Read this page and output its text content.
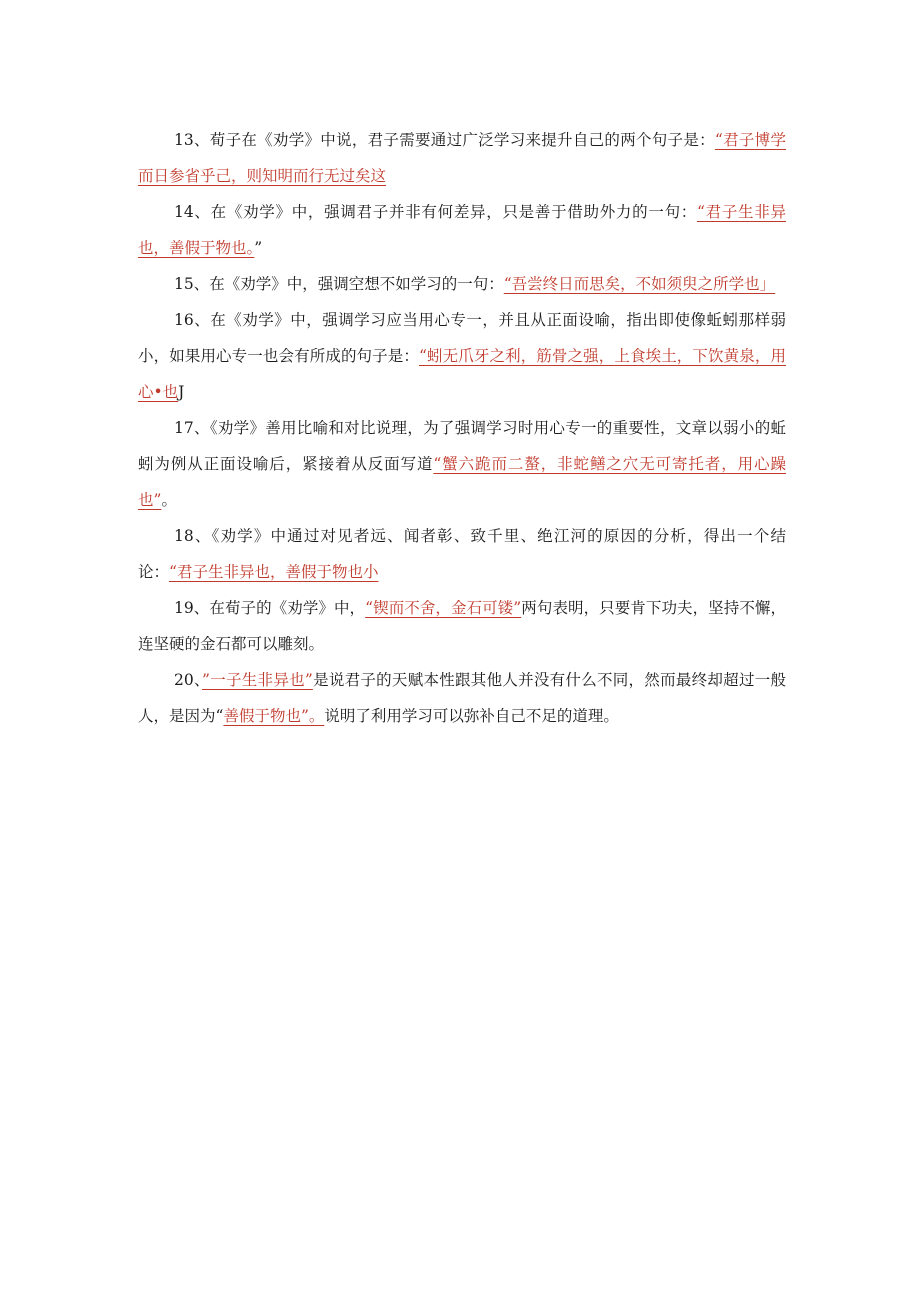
13、荀子在《劝学》中说，君子需要通过广泛学习来提升自己的两个句子是：“君子博学而日参省乎己，则知明而行无过矣这

14、在《劝学》中，强调君子并非有何差异，只是善于借助外力的一句：“君子生非异也，善假于物也。”

15、在《劝学》中，强调空想不如学习的一句：“吾尝终日而思矣，不如须臾之所学也」

16、在《劝学》中，强调学习应当用心专一，并且从正面设喻，指出即使像蚯蚓那样弱小，如果用心专一也会有所成的句子是：“蚓无爪牙之利，筋骨之强，上食埃土，下饮黄泉，用心•也J

17、《劝学》善用比喻和对比说理，为了强调学习时用心专一的重要性，文章以弱小的蚯蚓为例从正面设喻后，紧接着从反面写道“蟹六跪而二螯，非蛇鳝之穴无可寄托者，用心躁也”。

18、《劝学》中通过对见者远、闻者彰、致千里、绝江河的原因的分析，得出一个结论：“君子生非异也，善假于物也小

19、在荀子的《劝学》中，“锲而不舍，金石可镂”两句表明，只要肯下功夫，坚持不懈，连坚硬的金石都可以雕刻。

20、”一子生非异也”是说君子的天赋本性跟其他人并没有什么不同，然而最终却超过一般人，是因为“善假于物也”。说明了利用学习可以弥补自己不足的道理。
